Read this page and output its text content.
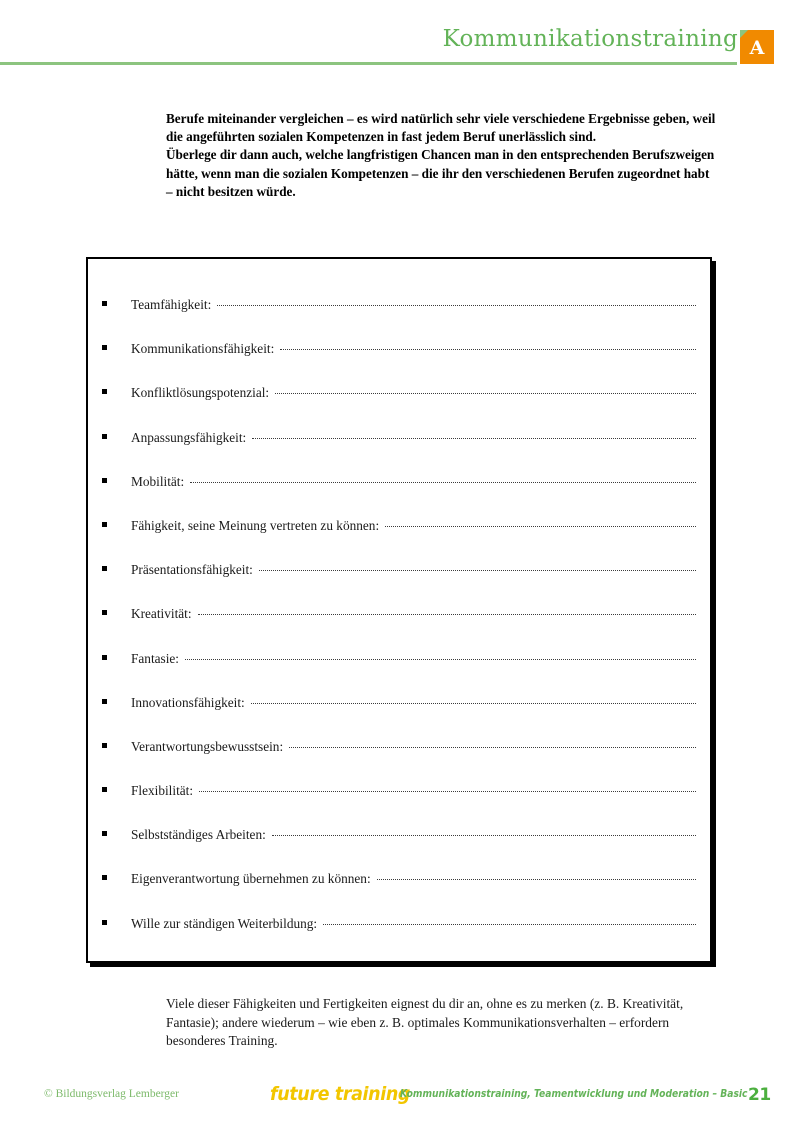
Kommunikationstraining A

Berufe miteinander vergleichen – es wird natürlich sehr viele verschiedene Ergebnisse geben, weil die angeführten sozialen Kompetenzen in fast jedem Beruf unerlässlich sind.

Überlege dir dann auch, welche langfristigen Chancen man in den entsprechenden Berufszweigen hätte, wenn man die sozialen Kompetenzen – die ihr den verschiedenen Berufen zugeordnet habt – nicht besitzen würde.

Teamfähigkeit:
Kommunikationsfähigkeit:
Konfliktlösungspotenzial:
Anpassungsfähigkeit:
Mobilität:
Fähigkeit, seine Meinung vertreten zu können:
Präsentationsfähigkeit:
Kreativität:
Fantasie:
Innovationsfähigkeit:
Verantwortungsbewusstsein:
Flexibilität:
Selbstständiges Arbeiten:
Eigenverantwortung übernehmen zu können:
Wille zur ständigen Weiterbildung:

Viele dieser Fähigkeiten und Fertigkeiten eignest du dir an, ohne es zu merken (z. B. Kreativität, Fantasie); andere wiederum – wie eben z. B. optimales Kommunikationsverhalten – erfordern besonderes Training.

© Bildungsverlag Lemberger	future training
Kommunikationstraining, Teamentwicklung und Moderation – Basic 21
